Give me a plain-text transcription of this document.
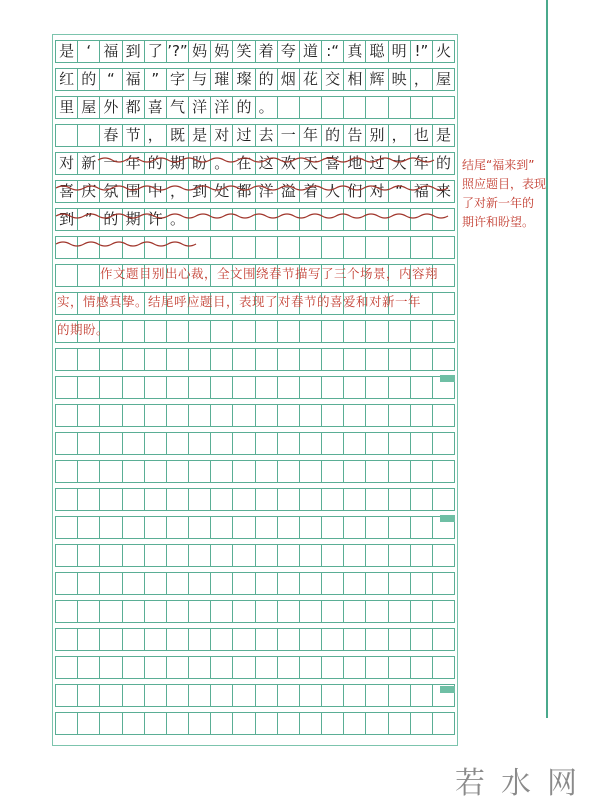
是 ‘ 福 到 了 ’?” 妈 妈 笑 着 夸 道 :“ 真 聪 明 !” 火
红 的 “ 福 ” 字 与 璀 璨 的 烟 花 交 相 辉 映 ， 屋
里 屋 外 都 喜 气 洋 洋 的 。
春 节 ， 既 是 对 过 去 一 年 的 告 别 ， 也 是
对 新 一 年 的 期 盼 。 在 这 欢 天 喜 地 过 大 年 的
喜 庆 氛 围 中 ， 到 处 都 洋 溢 着 人 们 对 “ 福 来
到 ” 的 期 许 。
作文题目别出心裁，全文围绕春节描写了三个场景，内容翔
实，情感真挚。结尾呼应题目，表现了对春节的喜爱和对新一年
的期盼。
结尾“福来到”
照应题目，表现
了对新一年的
期许和盼望。
若水网
